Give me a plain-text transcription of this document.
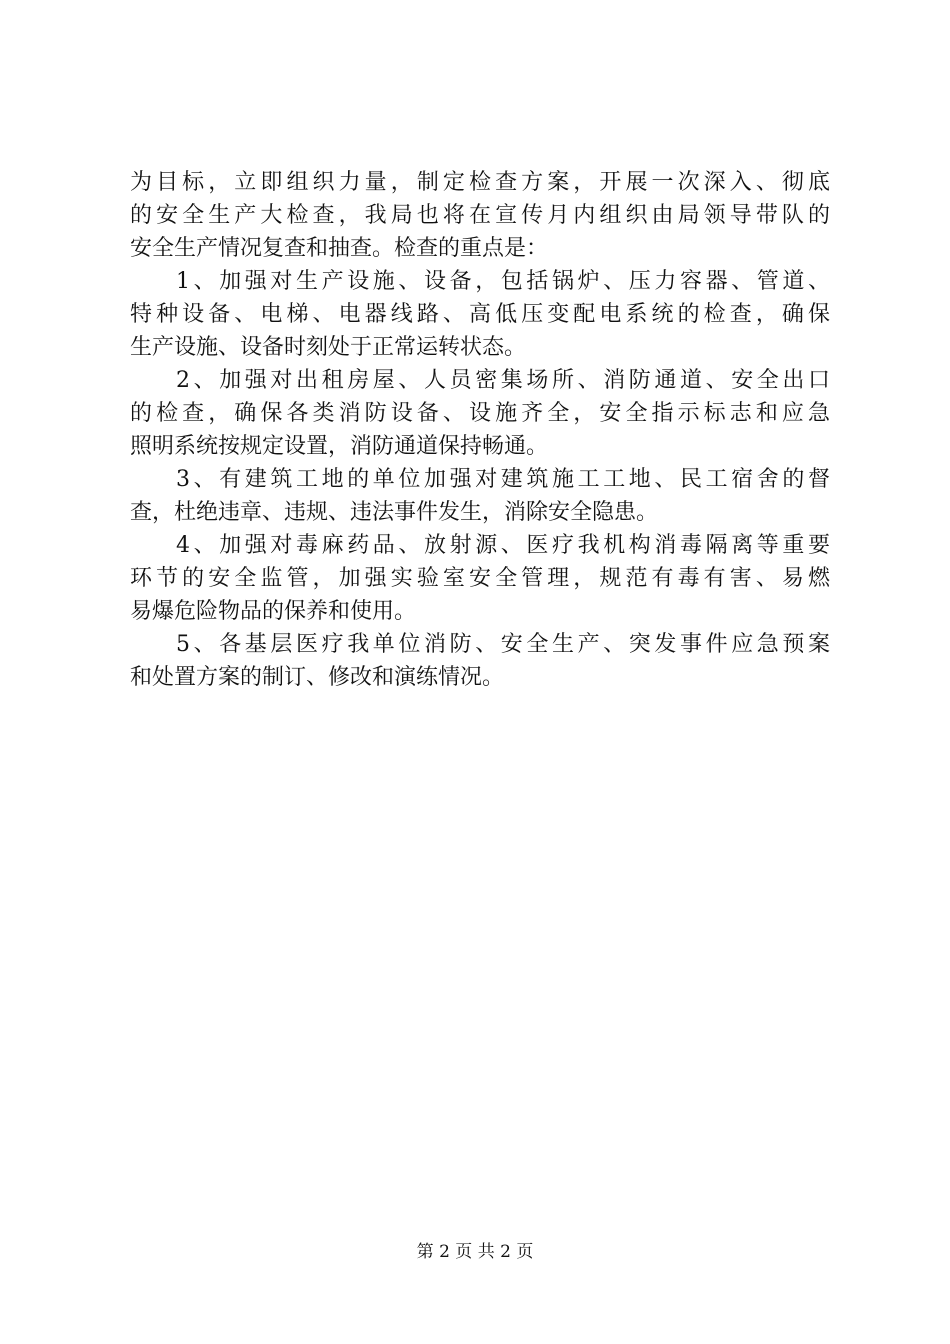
为目标，立即组织力量，制定检查方案，开展一次深入、彻底
的安全生产大检查，我局也将在宣传月内组织由局领导带队的
安全生产情况复查和抽查。检查的重点是：
1、加强对生产设施、设备，包括锅炉、压力容器、管道、
特种设备、电梯、电器线路、高低压变配电系统的检查，确保
生产设施、设备时刻处于正常运转状态。
2、加强对出租房屋、人员密集场所、消防通道、安全出口
的检查，确保各类消防设备、设施齐全，安全指示标志和应急
照明系统按规定设置，消防通道保持畅通。
3、有建筑工地的单位加强对建筑施工工地、民工宿舍的督
查，杜绝违章、违规、违法事件发生，消除安全隐患。
4、加强对毒麻药品、放射源、医疗我机构消毒隔离等重要
环节的安全监管，加强实验室安全管理，规范有毒有害、易燃
易爆危险物品的保养和使用。
5、各基层医疗我单位消防、安全生产、突发事件应急预案
和处置方案的制订、修改和演练情况。
第 2 页 共 2 页
